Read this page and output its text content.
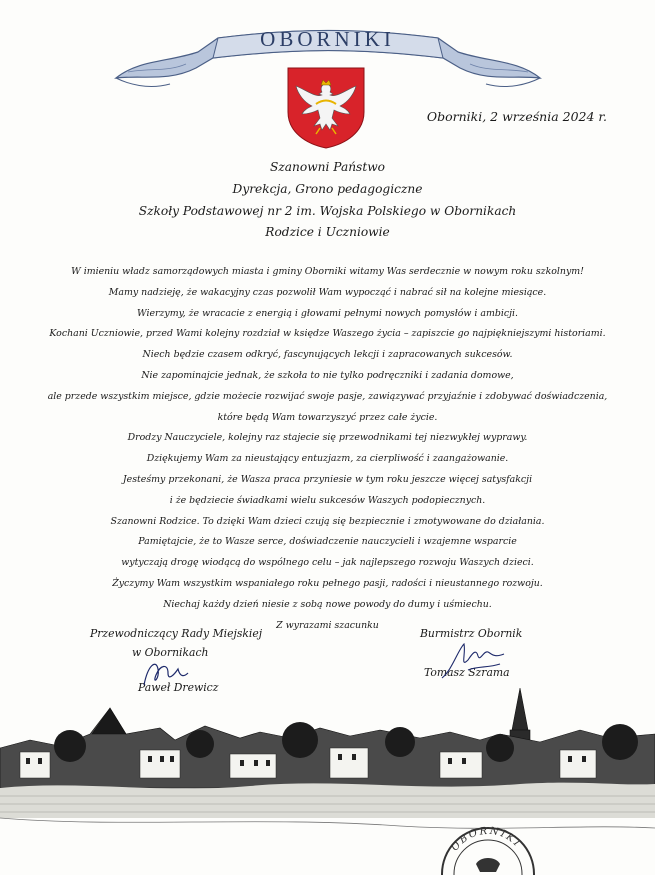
OBORNIKI
Oborniki, 2 września 2024 r.
Szanowni Państwo
Dyrekcja, Grono pedagogiczne
Szkoły Podstawowej nr 2 im. Wojska Polskiego w Obornikach
Rodzice i Uczniowie
W imieniu władz samorządowych miasta i gminy Oborniki witamy Was serdecznie w nowym roku szkolnym!
Mamy nadzieję, że wakacyjny czas pozwolił Wam wypocząć i nabrać sił na kolejne miesiące.
Wierzymy, że wracacie z energią i głowami pełnymi nowych pomysłów i ambicji.
Kochani Uczniowie, przed Wami kolejny rozdział w księdze Waszego życia – zapiszcie go najpiękniejszymi historiami.
Niech będzie czasem odkryć, fascynujących lekcji i zapracowanych sukcesów.
Nie zapominajcie jednak, że szkoła to nie tylko podręczniki i zadania domowe,
ale przede wszystkim miejsce, gdzie możecie rozwijać swoje pasje, zawiązywać przyjaźnie i zdobywać doświadczenia,
które będą Wam towarzyszyć przez całe życie.
Drodzy Nauczyciele, kolejny raz stajecie się przewodnikami tej niezwykłej wyprawy.
Dziękujemy Wam za nieustający entuzjazm, za cierpliwość i zaangażowanie.
Jesteśmy przekonani, że Wasza praca przyniesie w tym roku jeszcze więcej satysfakcji
i że będziecie świadkami wielu sukcesów Waszych podopiecznych.
Szanowni Rodzice. To dzięki Wam dzieci czują się bezpiecznie i zmotywowane do działania.
Pamiętajcie, że to Wasze serce, doświadczenie nauczycieli i wzajemne wsparcie
wytyczają drogę wiodącą do wspólnego celu – jak najlepszego rozwoju Waszych dzieci.
Życzymy Wam wszystkim wspaniałego roku pełnego pasji, radości i nieustannego rozwoju.
Niechaj każdy dzień niesie z sobą nowe powody do dumy i uśmiechu.
Z wyrazami szacunku
Przewodniczący Rady Miejskiej
w Obornikach
Paweł Drewicz
Burmistrz Obornik
Tomasz Szrama
OBORNIKI
